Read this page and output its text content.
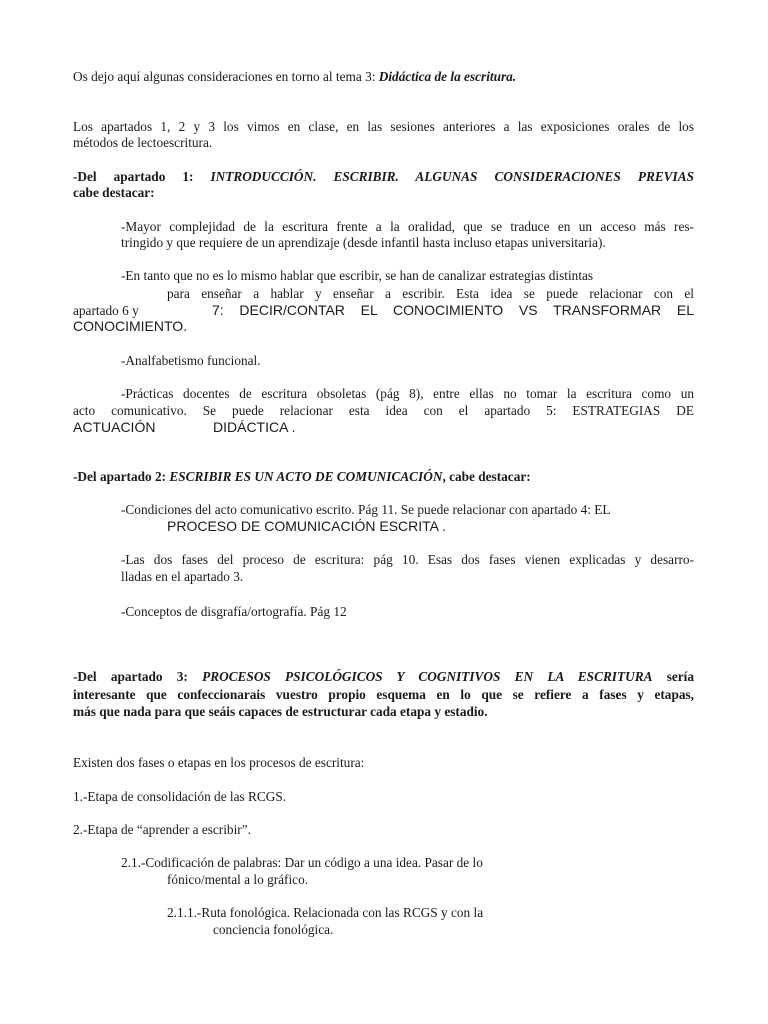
Os dejo aquí algunas consideraciones en torno al tema 3: Didáctica de la escritura.

Los apartados 1, 2 y 3 los vimos en clase, en las sesiones anteriores a las exposiciones orales de los

métodos de lectoescritura.

-Del apartado 1: INTRODUCCIÓN. ESCRIBIR. ALGUNAS CONSIDERACIONES PREVIAS

cabe destacar:

-Mayor complejidad de la escritura frente a la oralidad, que se traduce en un acceso más res-

tringido y que requiere de un aprendizaje (desde infantil hasta incluso etapas universitaria).

-En tanto que no es lo mismo hablar que escribir, se han de canalizar estrategias distintas

para enseñar a hablar y enseñar a escribir. Esta idea se puede relacionar con el

apartado 6 y	7: DECIR/CONTAR EL CONOCIMIENTO VS TRANSFORMAR EL

CONOCIMIENTO.

-Analfabetismo funcional.

-Prácticas docentes de escritura obsoletas (pág 8), entre ellas no tomar la escritura como un

acto comunicativo. Se puede relacionar esta idea con el apartado 5: ESTRATEGIAS DE

ACTUACIÓN	DIDÁCTICA .

-Del apartado 2: ESCRIBIR ES UN ACTO DE COMUNICACIÓN, cabe destacar:

-Condiciones del acto comunicativo escrito. Pág 11. Se puede relacionar con apartado 4: EL

PROCESO DE COMUNICACIÓN ESCRITA .

-Las dos fases del proceso de escritura: pág 10. Esas dos fases vienen explicadas y desarro-

lladas en el apartado 3.

-Conceptos de disgrafía/ortografía. Pág 12

-Del apartado 3: PROCESOS PSICOLÓGICOS Y COGNITIVOS EN LA ESCRITURA sería

interesante que confeccionarais vuestro propio esquema en lo que se refiere a fases y etapas,

más que nada para que seáis capaces de estructurar cada etapa y estadio.

Existen dos fases o etapas en los procesos de escritura:

1.-Etapa de consolidación de las RCGS.

2.-Etapa de “aprender a escribir”.

2.1.-Codificación de palabras: Dar un código a una idea. Pasar de lo

fónico/mental a lo gráfico.

2.1.1.-Ruta fonológica. Relacionada con las RCGS y con la

conciencia fonológica.
